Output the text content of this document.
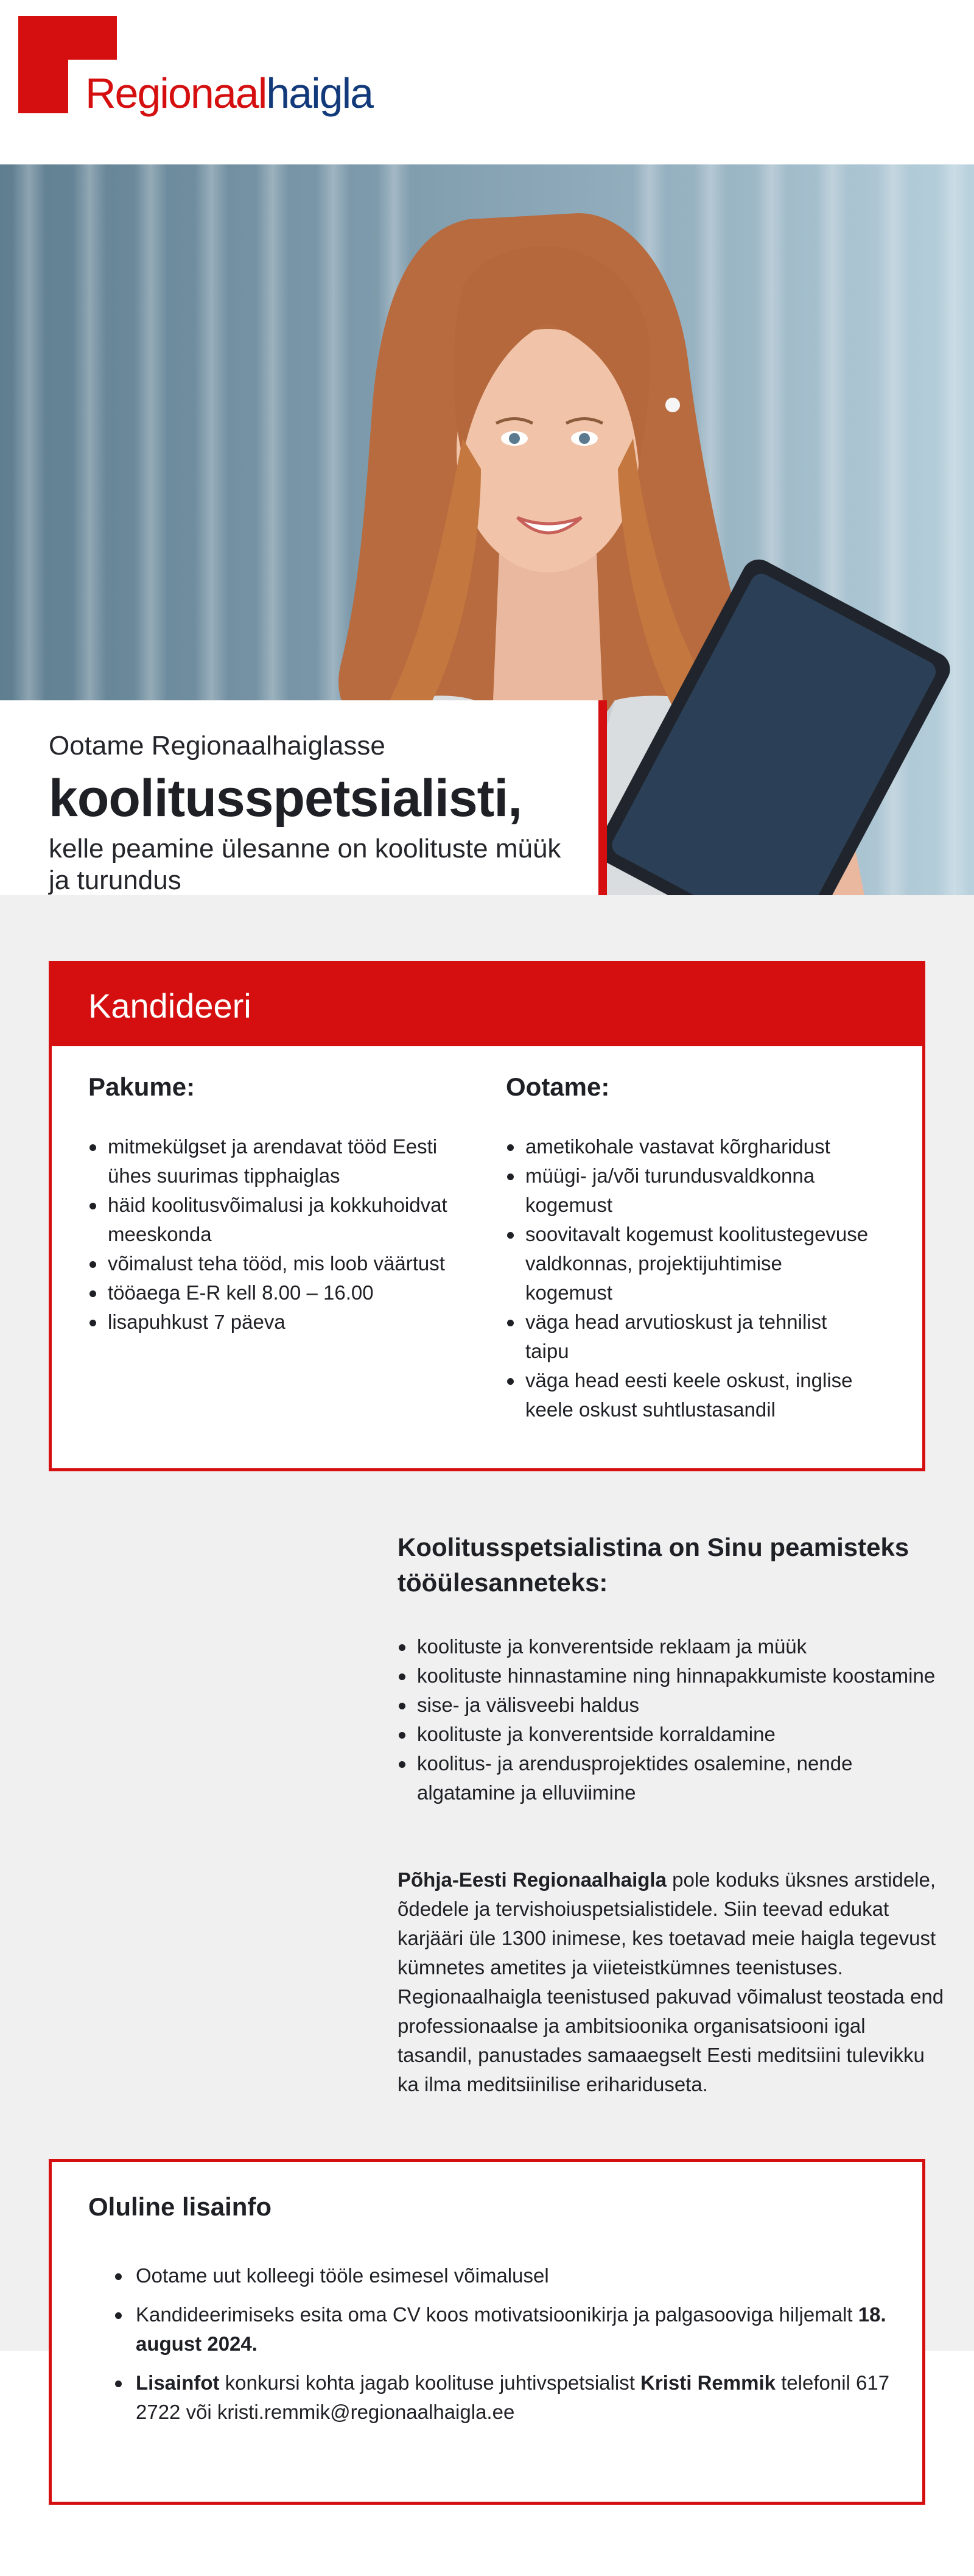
Regionaalhaigla
Ootame Regionaalhaiglasse
koolitusspetsialisti,
kelle peamine ülesanne on koolituste müük ja turundus
Kandideeri
Pakume:
mitmekülgset ja arendavat tööd Eesti ühes suurimas tipphaiglas
häid koolitusvõimalusi ja kokkuhoidvat meeskonda
võimalust teha tööd, mis loob väärtust
tööaega E-R kell 8.00 – 16.00
lisapuhkust 7 päeva
Ootame:
ametikohale vastavat kõrgharidust
müügi- ja/või turundusvaldkonna kogemust
soovitavalt kogemust koolitustegevuse valdkonnas, projektijuhtimise kogemust
väga head arvutioskust ja tehnilist taipu
väga head eesti keele oskust, inglise keele oskust suhtlustasandil
Koolitusspetsialistina on Sinu peamisteks tööülesanneteks:
koolituste ja konverentside reklaam ja müük
koolituste hinnastamine ning hinnapakkumiste koostamine
sise- ja välisveebi haldus
koolituste ja konverentside korraldamine
koolitus- ja arendusprojektides osalemine, nende algatamine ja elluviimine
Põhja-Eesti Regionaalhaigla pole koduks üksnes arstidele, õdedele ja tervishoiuspetsialistidele. Siin teevad edukat karjääri üle 1300 inimese, kes toetavad meie haigla tegevust kümnetes ametites ja viieteistkümnes teenistuses. Regionaalhaigla teenistused pakuvad võimalust teostada end professionaalse ja ambitsioonika organisatsiooni igal tasandil, panustades samaaegselt Eesti meditsiini tulevikku ka ilma meditsiinilise erihariduseta.
Oluline lisainfo
Ootame uut kolleegi tööle esimesel võimalusel
Kandideerimiseks esita oma CV koos motivatsioonikirja ja palgasooviga hiljemalt 18. august 2024.
Lisainfot konkursi kohta jagab koolituse juhtivspetsialist Kristi Remmik telefonil 617 2722 või kristi.remmik@regionaalhaigla.ee
